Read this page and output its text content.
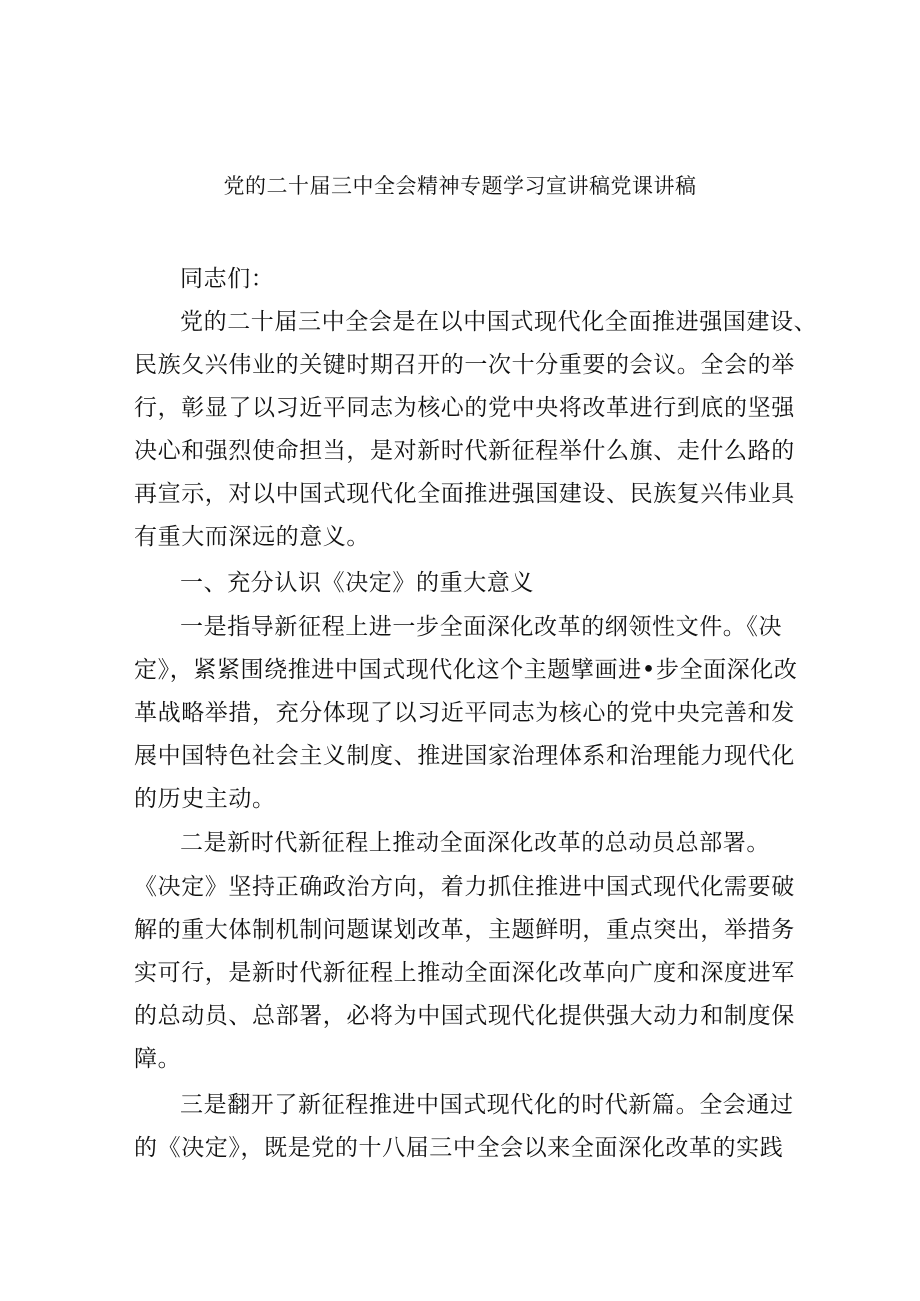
党的二十届三中全会精神专题学习宣讲稿党课讲稿
同志们：
党的二十届三中全会是在以中国式现代化全面推进强国建设、
民族夂兴伟业的关键时期召开的一次十分重要的会议。全会的举
行，彰显了以习近平同志为核心的党中央将改革进行到底的坚强
决心和强烈使命担当，是对新时代新征程举什么旗、走什么路的
再宣示，对以中国式现代化全面推进强国建设、民族复兴伟业具
有重大而深远的意义。
一、充分认识《决定》的重大意义
一是指导新征程上进一步全面深化改革的纲领性文件。《决
定》，紧紧围绕推进中国式现代化这个主题擘画进•步全面深化改
革战略举措，充分体现了以习近平同志为核心的党中央完善和发
展中国特色社会主义制度、推进国家治理体系和治理能力现代化
的历史主动。
二是新时代新征程上推动全面深化改革的总动员总部署。
《决定》坚持正确政治方向，着力抓住推进中国式现代化需要破
解的重大体制机制问题谋划改革，主题鲜明，重点突出，举措务
实可行，是新时代新征程上推动全面深化改革向广度和深度进军
的总动员、总部署，必将为中国式现代化提供强大动力和制度保
障。
三是翻开了新征程推进中国式现代化的时代新篇。全会通过
的《决定》，既是党的十八届三中全会以来全面深化改革的实践
